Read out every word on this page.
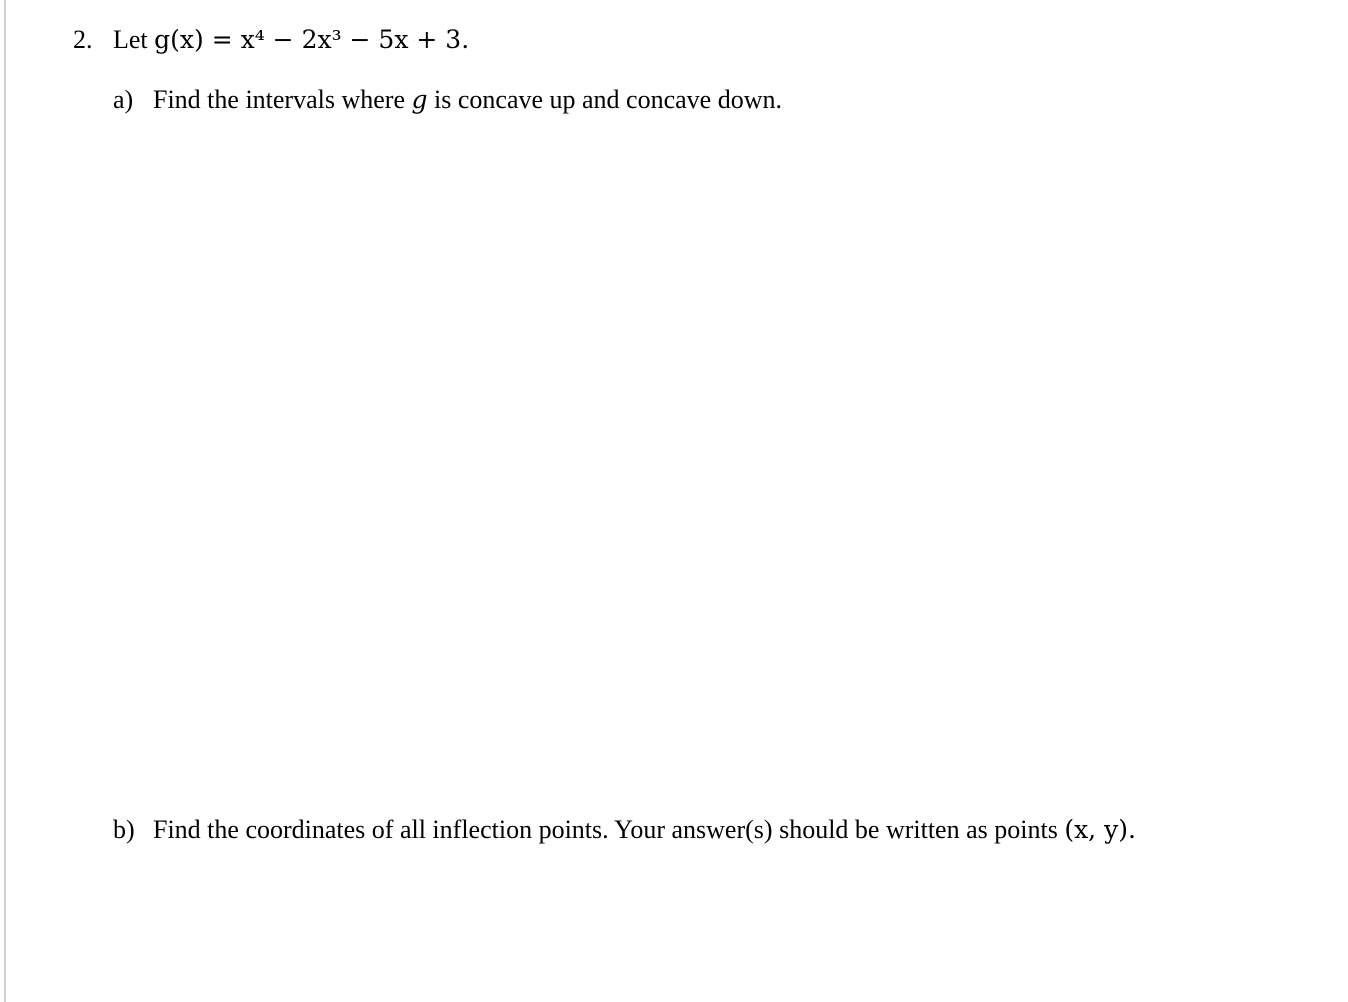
2. Let g(x) = x⁴ − 2x³ − 5x + 3.
a) Find the intervals where g is concave up and concave down.
b) Find the coordinates of all inflection points. Your answer(s) should be written as points (x, y).
